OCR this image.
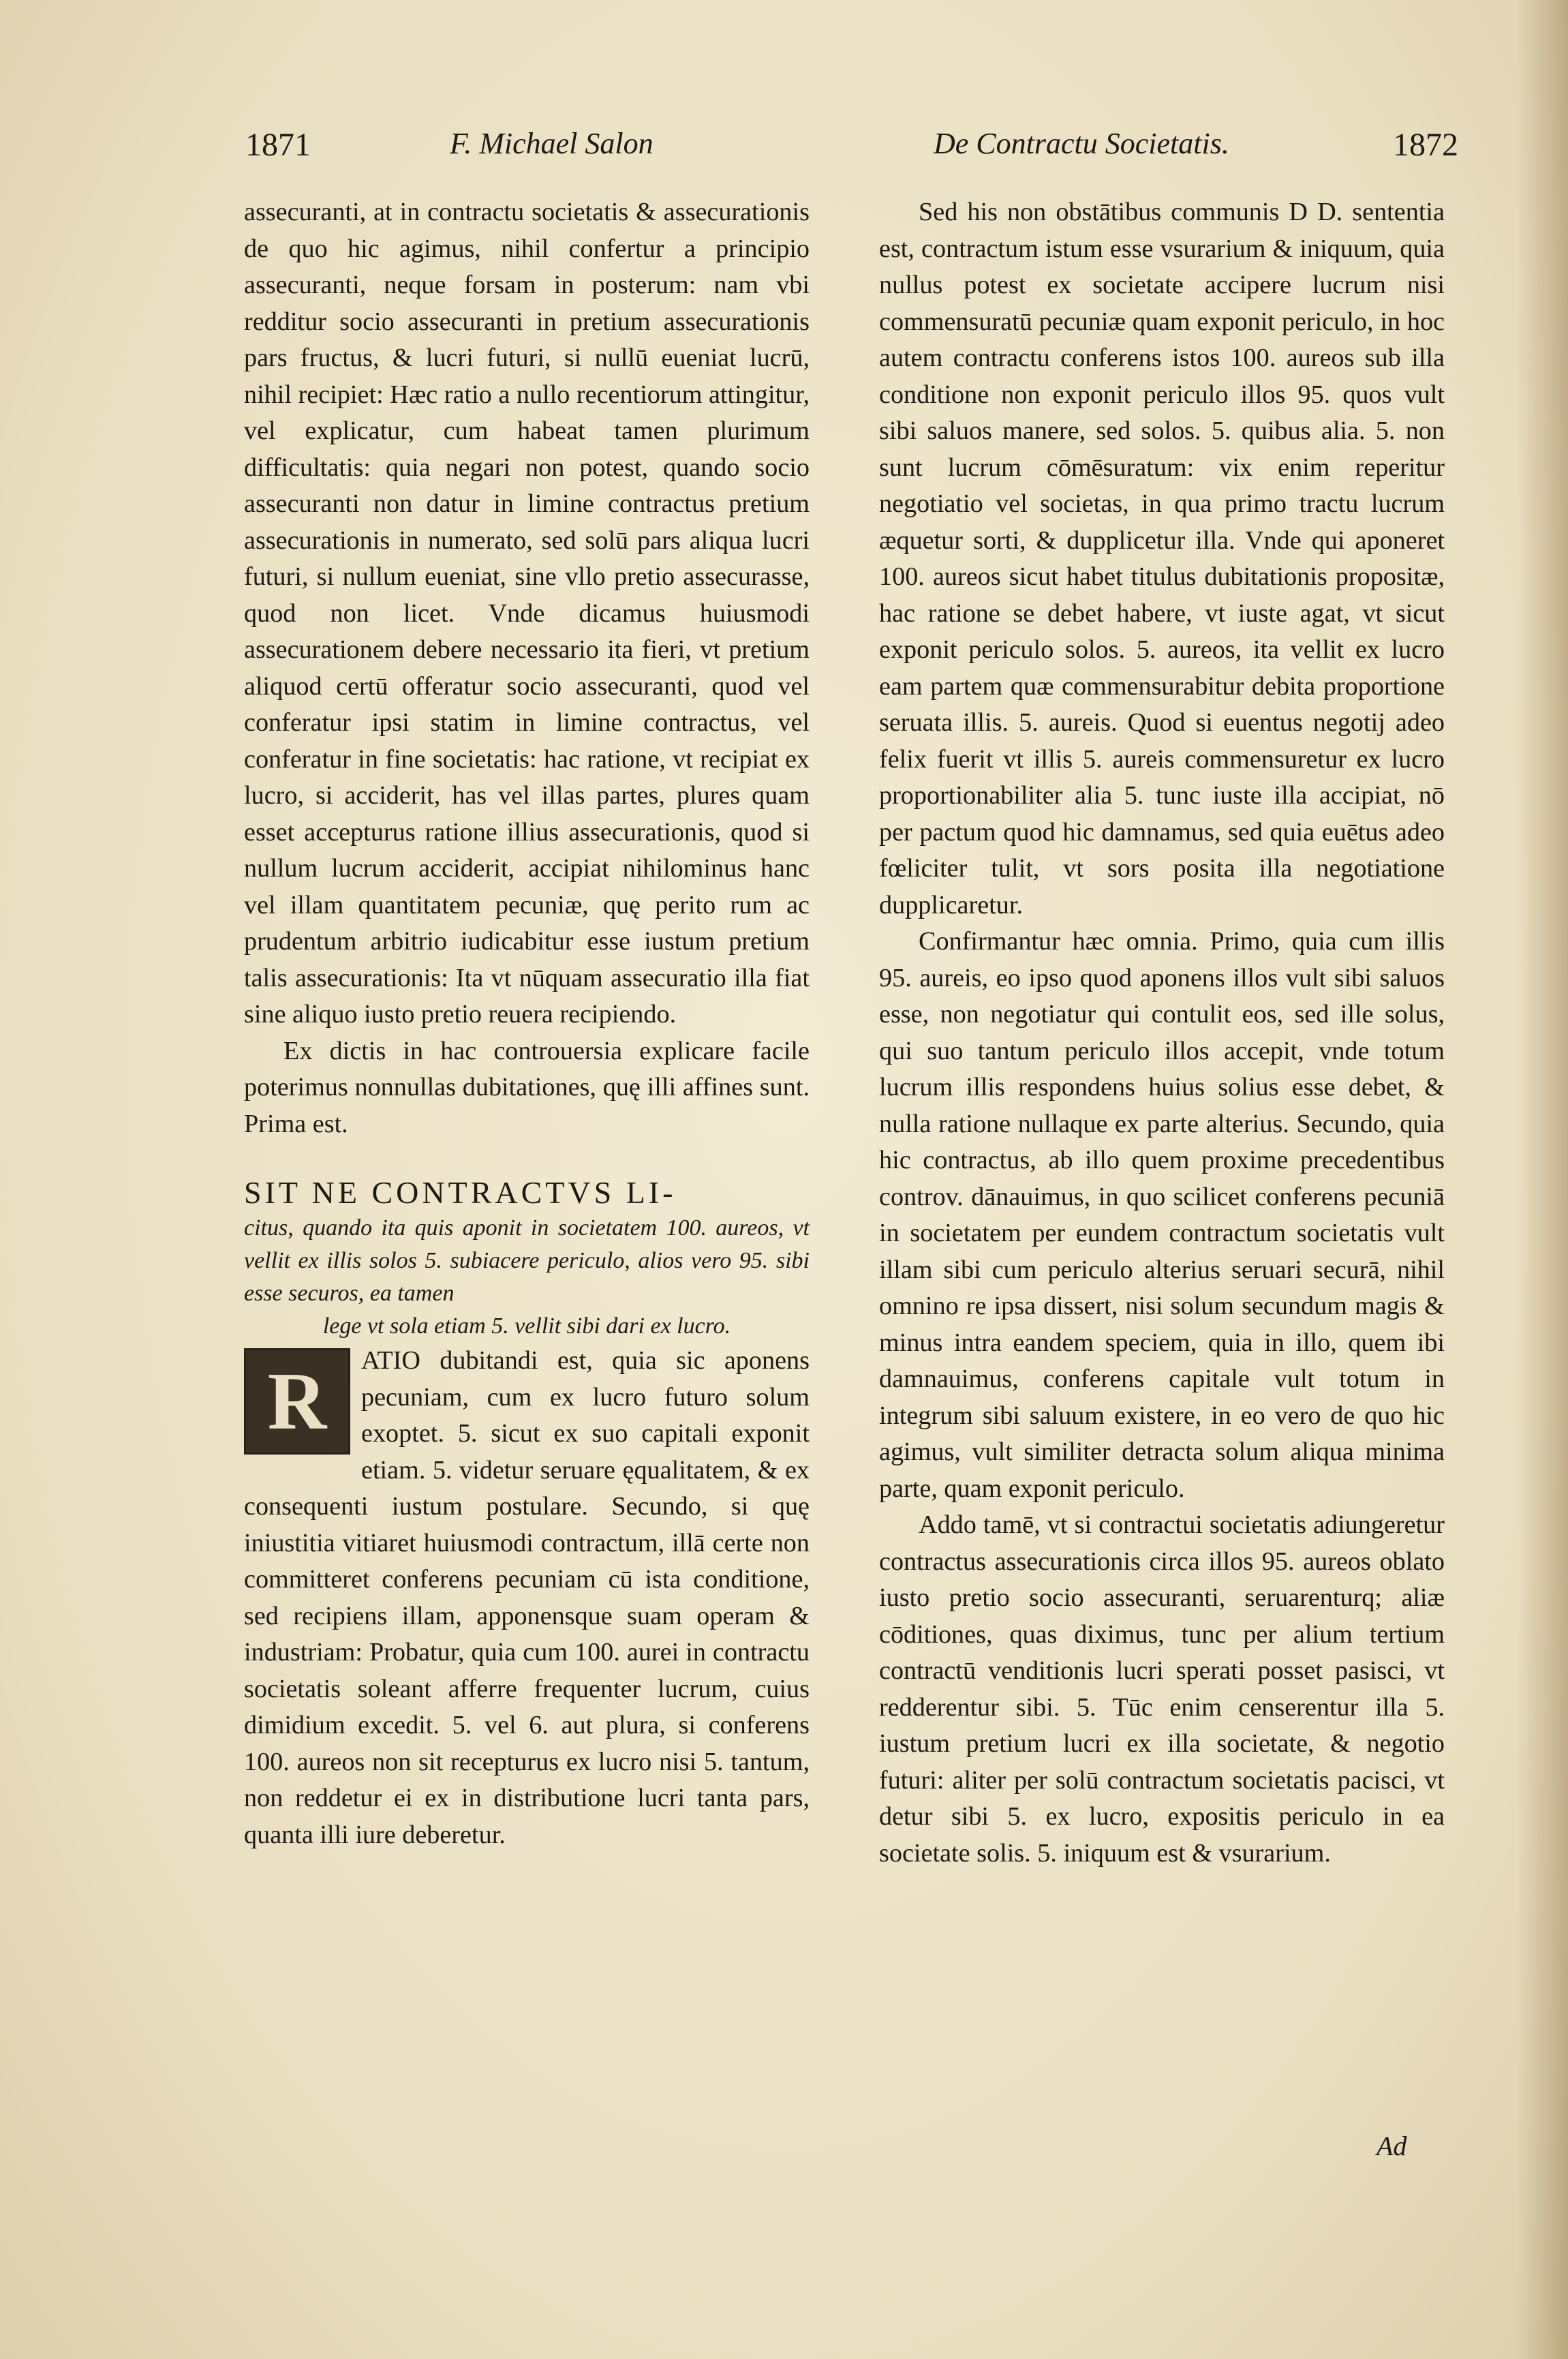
1871	F. Michael Salon	De Contractu Societatis.	1872

assecuranti, at in contractu societatis & assecurationis de quo hic agimus, nihil confertur a principio assecuranti, neque forsam in posterum: nam vbi redditur socio assecuranti in pretium assecurationis pars fructus, & lucri futuri, si nullū eueniat lucrū, nihil recipiet: Hæc ratio a nullo recentiorum attingitur, vel explicatur, cum habeat tamen plurimum difficultatis: quia negari non potest, quando socio assecuranti non datur in limine contractus pretium assecurationis in numerato, sed solū pars aliqua lucri futuri, si nullum eueniat, sine vllo pretio assecurasse, quod non licet. Vnde dicamus huiusmodi assecurationem debere necessario ita fieri, vt pretium aliquod certū offeratur socio assecuranti, quod vel conferatur ipsi statim in limine contractus, vel conferatur in fine societatis: hac ratione, vt recipiat ex lucro, si acciderit, has vel illas partes, plures quam esset accepturus ratione illius assecurationis, quod si nullum lucrum acciderit, accipiat nihilominus hanc vel illam quantitatem pecuniæ, quę perito rum ac prudentum arbitrio iudicabitur esse iustum pretium talis assecurationis: Ita vt nūquam assecuratio illa fiat sine aliquo iusto pretio reuera recipiendo.

Ex dictis in hac controuersia explicare facile poterimus nonnullas dubitationes, quę illi affines sunt. Prima est.

SIT NE CONTRACTVS LI-
citus, quando ita quis aponit in societatem 100. aureos, vt vellit ex illis solos 5. subiacere periculo, alios vero 95. sibi esse securos, ea tamen
lege vt sola etiam 5. vellit sibi dari ex lucro.

R	ATIO dubitandi est, quia sic aponens pecuniam, cum ex lucro futuro solum exoptet. 5. sicut ex suo capitali exponit etiam. 5. videtur seruare ęqualitatem, & ex consequenti iustum postulare. Secundo, si quę iniustitia vitiaret huiusmodi contractum, illā certe non committeret conferens pecuniam cū ista conditione, sed recipiens illam, apponensque suam operam & industriam: Probatur, quia cum 100. aurei in contractu societatis soleant afferre frequenter lucrum, cuius dimidium excedit. 5. vel 6. aut plura, si conferens 100. aureos non sit recepturus ex lucro nisi 5. tantum, non reddetur ei ex in distributione lucri tanta pars, quanta illi iure deberetur.

Sed his non obstātibus communis D D. sententia est, contractum istum esse vsurarium & iniquum, quia nullus potest ex societate accipere lucrum nisi commensuratū pecuniæ quam exponit periculo, in hoc autem contractu conferens istos 100. aureos sub illa conditione non exponit periculo illos 95. quos vult sibi saluos manere, sed solos. 5. quibus alia. 5. non sunt lucrum cōmēsuratum: vix enim reperitur negotiatio vel societas, in qua primo tractu lucrum æquetur sorti, & dupplicetur illa. Vnde qui aponeret 100. aureos sicut habet titulus dubitationis propositæ, hac ratione se debet habere, vt iuste agat, vt sicut exponit periculo solos. 5. aureos, ita vellit ex lucro eam partem quæ commensurabitur debita proportione seruata illis. 5. aureis. Quod si euentus negotij adeo felix fuerit vt illis 5. aureis commensuretur ex lucro proportionabiliter alia 5. tunc iuste illa accipiat, nō per pactum quod hic damnamus, sed quia euētus adeo fœliciter tulit, vt sors posita illa negotiatione dupplicaretur.

Confirmantur hæc omnia. Primo, quia cum illis 95. aureis, eo ipso quod aponens illos vult sibi saluos esse, non negotiatur qui contulit eos, sed ille solus, qui suo tantum periculo illos accepit, vnde totum lucrum illis respondens huius solius esse debet, & nulla ratione nullaque ex parte alterius. Secundo, quia hic contractus, ab illo quem proxime precedentibus controv. dānauimus, in quo scilicet conferens pecuniā in societatem per eundem contractum societatis vult illam sibi cum periculo alterius seruari securā, nihil omnino re ipsa dissert, nisi solum secundum magis & minus intra eandem speciem, quia in illo, quem ibi damnauimus, conferens capitale vult totum in integrum sibi saluum existere, in eo vero de quo hic agimus, vult similiter detracta solum aliqua minima parte, quam exponit periculo.

Addo tamē, vt si contractui societatis adiungeretur contractus assecurationis circa illos 95. aureos oblato iusto pretio socio assecuranti, seruarenturq; aliæ cōditiones, quas diximus, tunc per alium tertium contractū venditionis lucri sperati posset pasisci, vt redderentur sibi. 5. Tūc enim censerentur illa 5. iustum pretium lucri ex illa societate, & negotio futuri: aliter per solū contractum societatis pacisci, vt detur sibi 5. ex lucro, expositis periculo in ea societate solis. 5. iniquum est & vsurarium.

Ad
